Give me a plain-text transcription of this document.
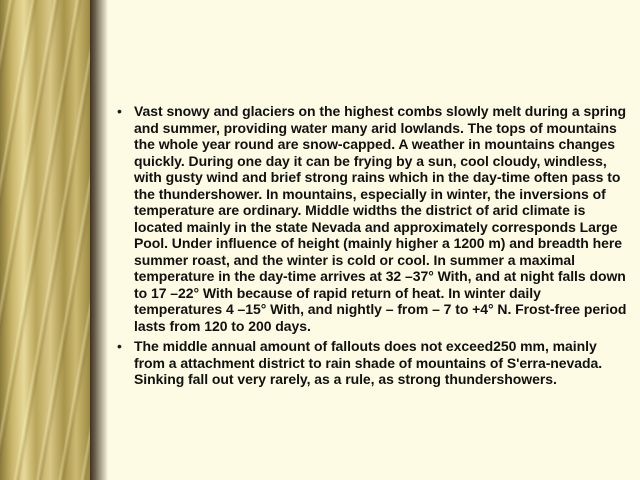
• Vast snowy and glaciers on the highest combs slowly melt during a spring and summer, providing water many arid lowlands. The tops of mountains the whole year round are snow-capped. A weather in mountains changes quickly. During one day it can be frying by a sun, cool cloudy, windless, with gusty wind and brief strong rains which in the day-time often pass to the thundershower. In mountains, especially in winter, the inversions of temperature are ordinary. Middle widths the district of arid climate is located mainly in the state Nevada and approximately corresponds Large Pool. Under influence of height (mainly higher a 1200 m) and breadth here summer roast, and the winter is cold or cool. In summer a maximal temperature in the day-time arrives at 32 –37° With, and at night falls down to 17 –22° With because of rapid return of heat. In winter daily temperatures 4 –15° With, and nightly – from – 7 to +4° N. Frost-free period lasts from 120 to 200 days.
• The middle annual amount of fallouts does not exceed250 mm, mainly from a attachment district to rain shade of mountains of S'erra-nevada. Sinking fall out very rarely, as a rule, as strong thundershowers.
